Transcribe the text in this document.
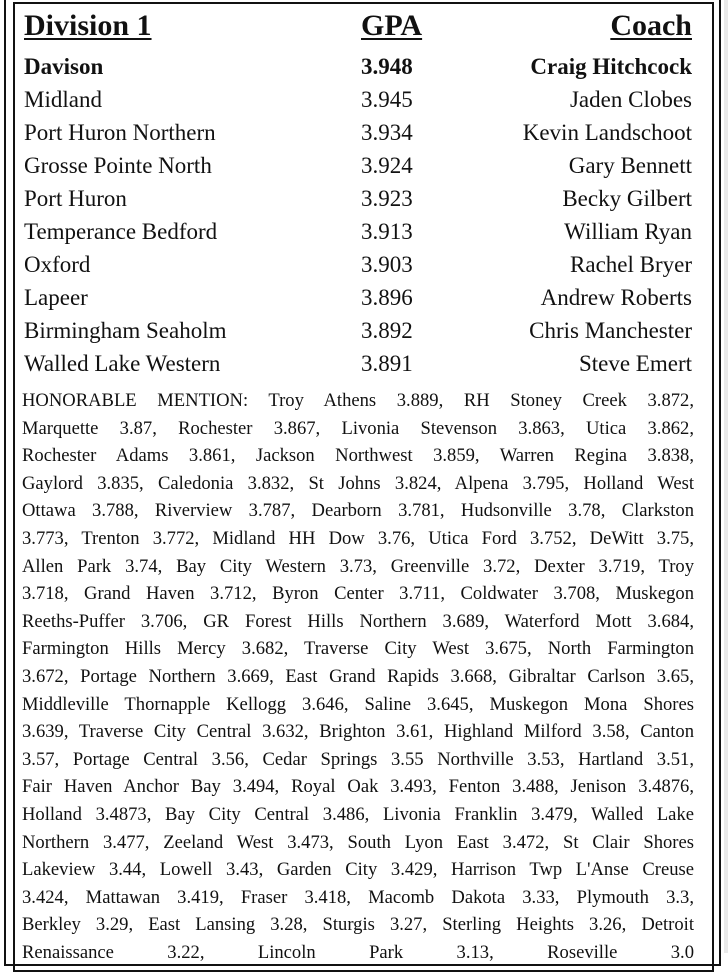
Division 1	GPA	Coach
Davison	3.948	Craig Hitchcock
Midland	3.945	Jaden Clobes
Port Huron Northern	3.934	Kevin Landschoot
Grosse Pointe North	3.924	Gary Bennett
Port Huron	3.923	Becky Gilbert
Temperance Bedford	3.913	William Ryan
Oxford	3.903	Rachel Bryer
Lapeer	3.896	Andrew Roberts
Birmingham Seaholm	3.892	Chris Manchester
Walled Lake Western	3.891	Steve Emert
HONORABLE MENTION: Troy Athens 3.889, RH Stoney Creek 3.872,
Marquette 3.87, Rochester 3.867, Livonia Stevenson 3.863, Utica 3.862,
Rochester Adams 3.861, Jackson Northwest 3.859, Warren Regina 3.838,
Gaylord 3.835, Caledonia 3.832, St Johns 3.824, Alpena 3.795, Holland West
Ottawa 3.788, Riverview 3.787, Dearborn 3.781, Hudsonville 3.78, Clarkston
3.773, Trenton 3.772, Midland HH Dow 3.76, Utica Ford 3.752, DeWitt 3.75,
Allen Park 3.74, Bay City Western 3.73, Greenville 3.72, Dexter 3.719, Troy
3.718, Grand Haven 3.712, Byron Center 3.711, Coldwater 3.708, Muskegon
Reeths-Puffer 3.706, GR Forest Hills Northern 3.689, Waterford Mott 3.684,
Farmington Hills Mercy 3.682, Traverse City West 3.675, North Farmington
3.672, Portage Northern 3.669, East Grand Rapids 3.668, Gibraltar Carlson 3.65,
Middleville Thornapple Kellogg 3.646, Saline 3.645, Muskegon Mona Shores
3.639, Traverse City Central 3.632, Brighton 3.61, Highland Milford 3.58, Canton
3.57, Portage Central 3.56, Cedar Springs 3.55 Northville 3.53, Hartland 3.51,
Fair Haven Anchor Bay 3.494, Royal Oak 3.493, Fenton 3.488, Jenison 3.4876,
Holland 3.4873, Bay City Central 3.486, Livonia Franklin 3.479, Walled Lake
Northern 3.477, Zeeland West 3.473, South Lyon East 3.472, St Clair Shores
Lakeview 3.44, Lowell 3.43, Garden City 3.429, Harrison Twp L'Anse Creuse
3.424, Mattawan 3.419, Fraser 3.418, Macomb Dakota 3.33, Plymouth 3.3,
Berkley 3.29, East Lansing 3.28, Sturgis 3.27, Sterling Heights 3.26, Detroit
Renaissance 3.22, Lincoln Park 3.13, Roseville 3.0
